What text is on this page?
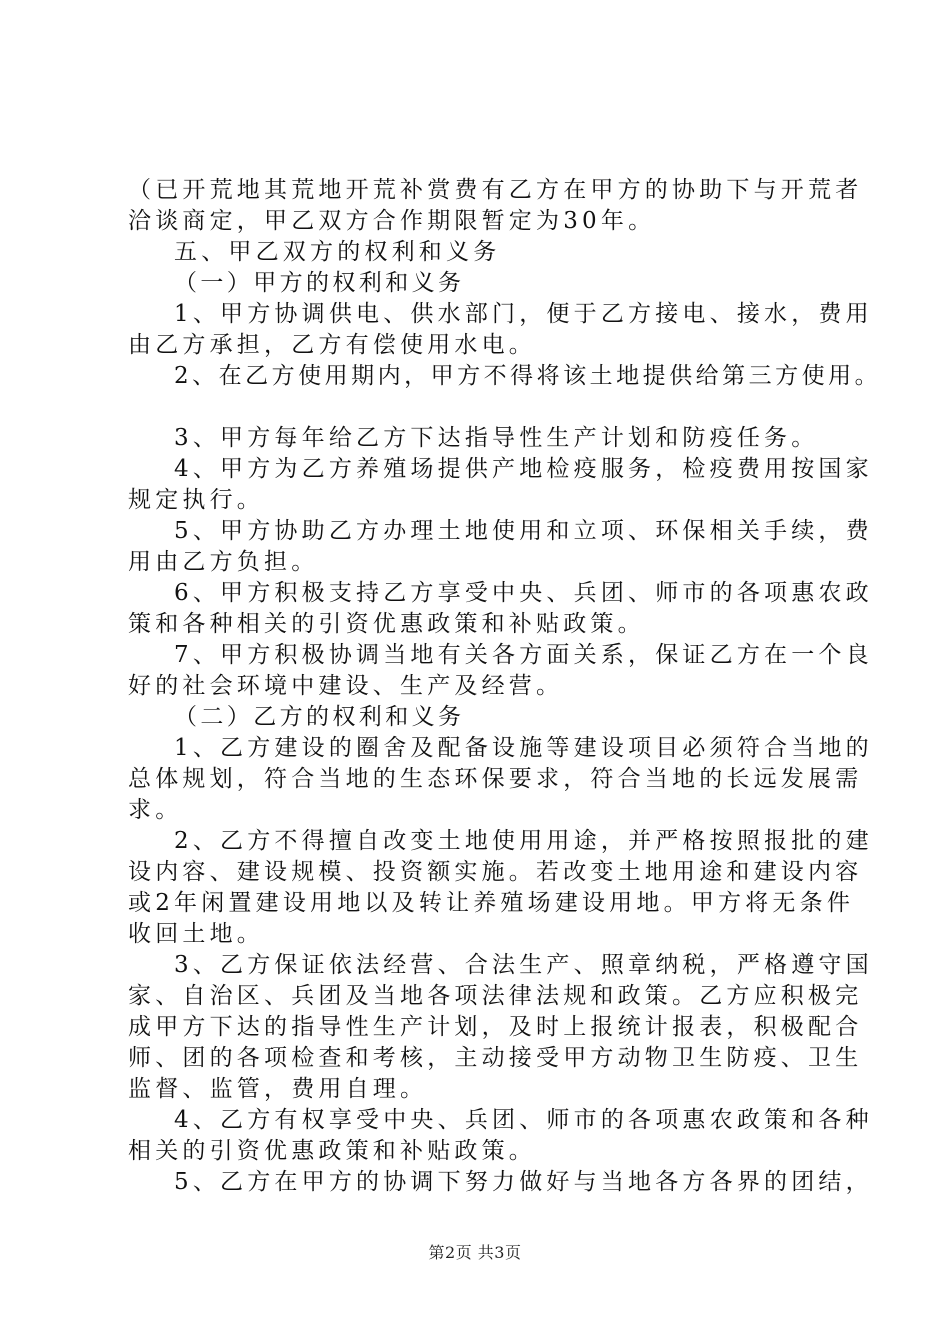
（已开荒地其荒地开荒补赏费有乙方在甲方的协助下与开荒者
洽谈商定，甲乙双方合作期限暂定为30年。
五、甲乙双方的权利和义务
（一）甲方的权利和义务
1、甲方协调供电、供水部门，便于乙方接电、接水，费用
由乙方承担，乙方有偿使用水电。
2、在乙方使用期内，甲方不得将该土地提供给第三方使用。
3、甲方每年给乙方下达指导性生产计划和防疫任务。
4、甲方为乙方养殖场提供产地检疫服务，检疫费用按国家
规定执行。
5、甲方协助乙方办理土地使用和立项、环保相关手续，费
用由乙方负担。
6、甲方积极支持乙方享受中央、兵团、师市的各项惠农政
策和各种相关的引资优惠政策和补贴政策。
7、甲方积极协调当地有关各方面关系，保证乙方在一个良
好的社会环境中建设、生产及经营。
（二）乙方的权利和义务
1、乙方建设的圈舍及配备设施等建设项目必须符合当地的
总体规划，符合当地的生态环保要求，符合当地的长远发展需
求。
2、乙方不得擅自改变土地使用用途，并严格按照报批的建
设内容、建设规模、投资额实施。若改变土地用途和建设内容
或2年闲置建设用地以及转让养殖场建设用地。甲方将无条件
收回土地。
3、乙方保证依法经营、合法生产、照章纳税，严格遵守国
家、自治区、兵团及当地各项法律法规和政策。乙方应积极完
成甲方下达的指导性生产计划，及时上报统计报表，积极配合
师、团的各项检查和考核，主动接受甲方动物卫生防疫、卫生
监督、监管，费用自理。
4、乙方有权享受中央、兵团、师市的各项惠农政策和各种
相关的引资优惠政策和补贴政策。
5、乙方在甲方的协调下努力做好与当地各方各界的团结，
第2页 共3页
